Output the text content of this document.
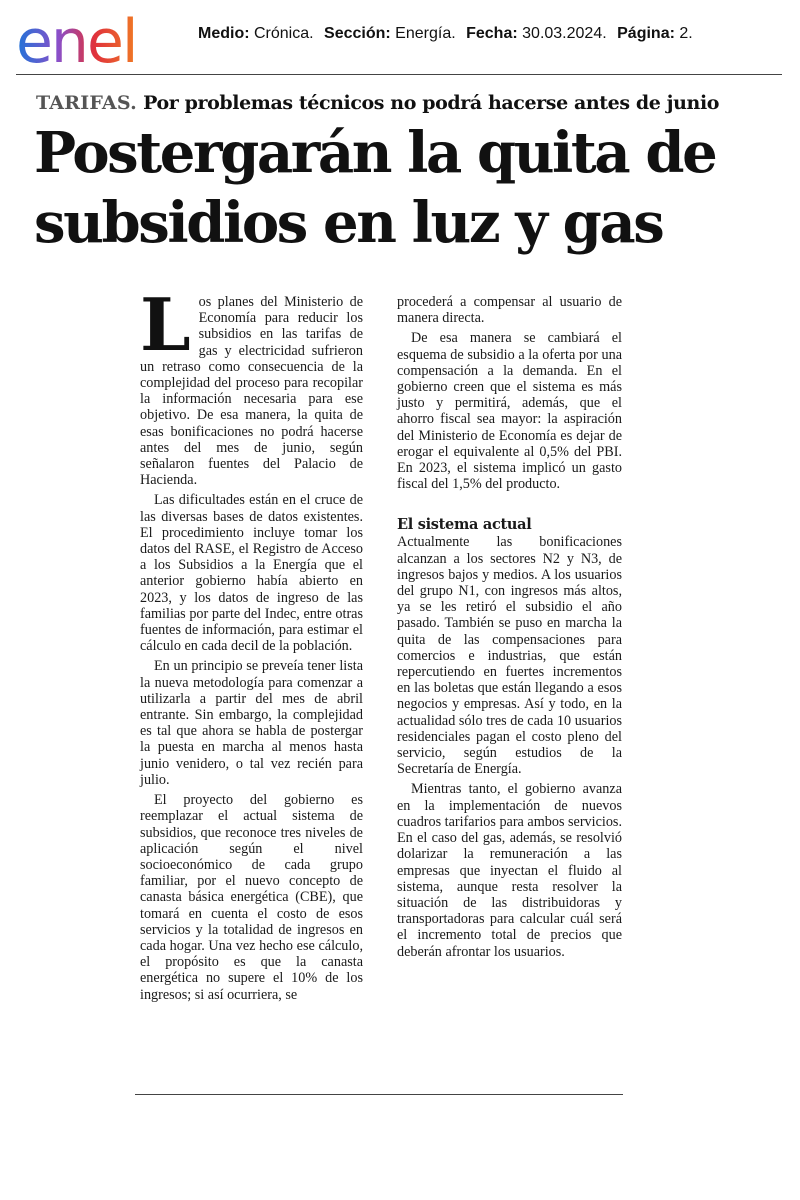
enel	Medio: Crónica. Sección: Energía. Fecha: 30.03.2024. Página: 2.
TARIFAS. Por problemas técnicos no podrá hacerse antes de junio
Postergarán la quita de subsidios en luz y gas

Los planes del Ministerio de Economía para reducir los subsidios en las tarifas de gas y electricidad sufrieron un retraso como consecuencia de la complejidad del proceso para recopilar la información necesaria para ese objetivo. De esa manera, la quita de esas bonificaciones no podrá hacerse antes del mes de junio, según señalaron fuentes del Palacio de Hacienda.

Las dificultades están en el cruce de las diversas bases de datos existentes. El procedimiento incluye tomar los datos del RASE, el Registro de Acceso a los Subsidios a la Energía que el anterior gobierno había abierto en 2023, y los datos de ingreso de las familias por parte del Indec, entre otras fuentes de información, para estimar el cálculo en cada decil de la población.

En un principio se preveía tener lista la nueva metodología para comenzar a utilizarla a partir del mes de abril entrante. Sin embargo, la complejidad es tal que ahora se habla de postergar la puesta en marcha al menos hasta junio venidero, o tal vez recién para julio.

El proyecto del gobierno es reemplazar el actual sistema de subsidios, que reconoce tres niveles de aplicación según el nivel socioeconómico de cada grupo familiar, por el nuevo concepto de canasta básica energética (CBE), que tomará en cuenta el costo de esos servicios y la totalidad de ingresos en cada hogar. Una vez hecho ese cálculo, el propósito es que la canasta energética no supere el 10% de los ingresos; si así ocurriera, se

procederá a compensar al usuario de manera directa.

De esa manera se cambiará el esquema de subsidio a la oferta por una compensación a la demanda. En el gobierno creen que el sistema es más justo y permitirá, además, que el ahorro fiscal sea mayor: la aspiración del Ministerio de Economía es dejar de erogar el equivalente al 0,5% del PBI. En 2023, el sistema implicó un gasto fiscal del 1,5% del producto.

El sistema actual

Actualmente las bonificaciones alcanzan a los sectores N2 y N3, de ingresos bajos y medios. A los usuarios del grupo N1, con ingresos más altos, ya se les retiró el subsidio el año pasado. También se puso en marcha la quita de las compensaciones para comercios e industrias, que están repercutiendo en fuertes incrementos en las boletas que están llegando a esos negocios y empresas. Así y todo, en la actualidad sólo tres de cada 10 usuarios residenciales pagan el costo pleno del servicio, según estudios de la Secretaría de Energía.

Mientras tanto, el gobierno avanza en la implementación de nuevos cuadros tarifarios para ambos servicios. En el caso del gas, además, se resolvió dolarizar la remuneración a las empresas que inyectan el fluido al sistema, aunque resta resolver la situación de las distribuidoras y transportadoras para calcular cuál será el incremento total de precios que deberán afrontar los usuarios.
